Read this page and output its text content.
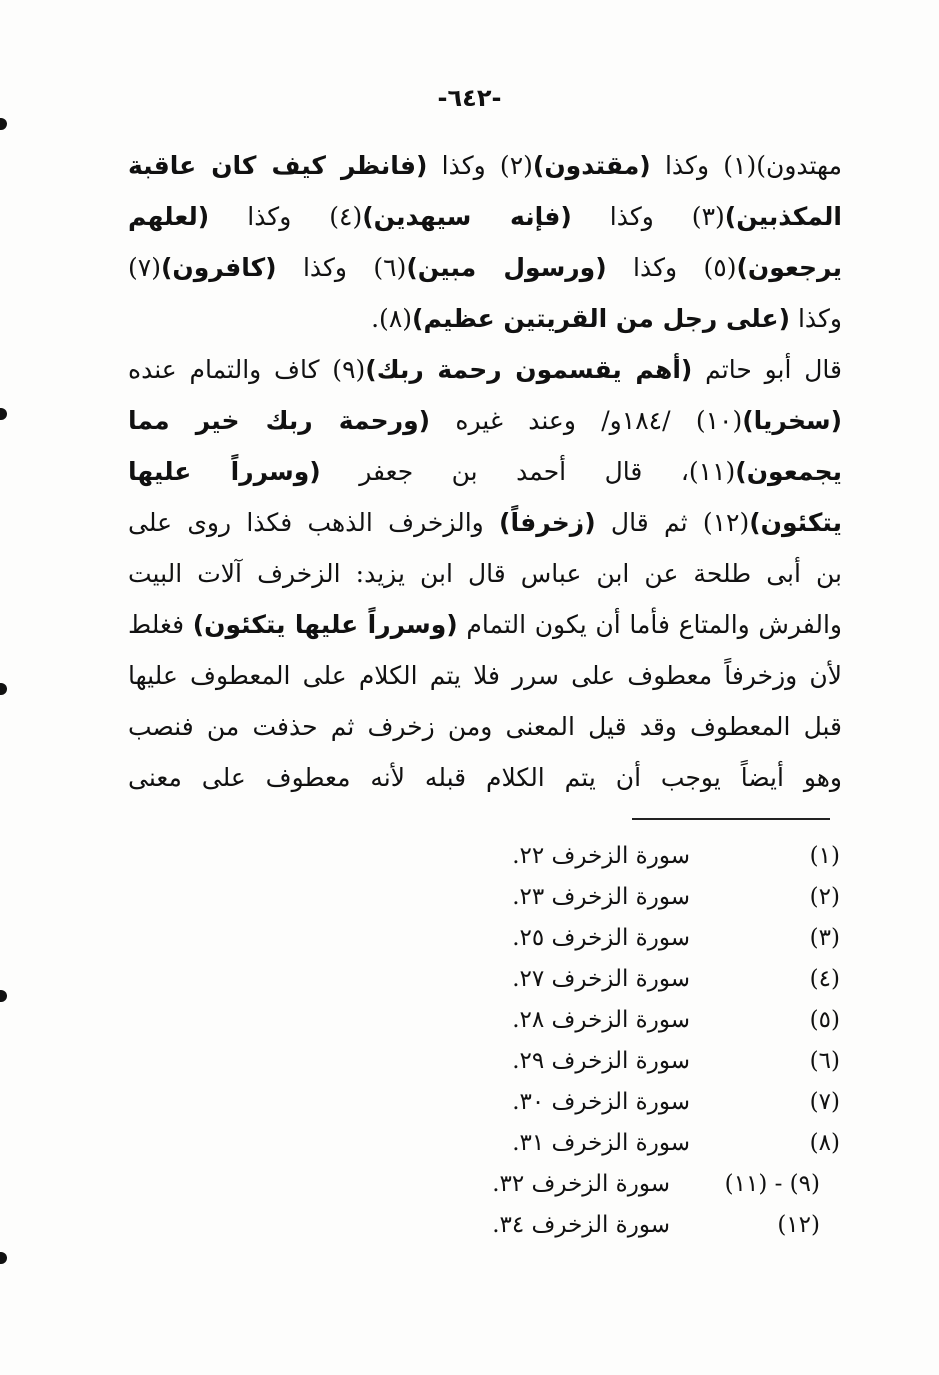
-٦٤٢-
مهتدون)(١) وكذا (مقتدون)(٢) وكذا (فانظر كيف كان عاقبة
المكذبين)(٣) وكذا (فإنه سيهدين)(٤) وكذا (لعلهم
يرجعون)(٥) وكذا (ورسول مبين)(٦) وكذا (كافرون)(٧)
وكذا (على رجل من القريتين عظيم)(٨).
قال أبو حاتم (أهم يقسمون رحمة ربك)(٩) كاف والتمام عنده
(سخريا)(١٠) /١٨٤و/ وعند غيره (ورحمة ربك خير مما
يجمعون)(١١)، قال أحمد بن جعفر (وسرراً عليها
يتكئون)(١٢) ثم قال (زخرفاً) والزخرف الذهب فكذا روى على
بن أبى طلحة عن ابن عباس قال ابن يزيد: الزخرف آلات البيت
والفرش والمتاع فأما أن يكون التمام (وسرراً عليها يتكئون) فغلط
لأن وزخرفاً معطوف على سرر فلا يتم الكلام على المعطوف عليها
قبل المعطوف وقد قيل المعنى ومن زخرف ثم حذفت من فنصب
وهو أيضاً يوجب أن يتم الكلام قبله لأنه معطوف على معنى
(١)
سورة الزخرف ٢٢.
(٢)
سورة الزخرف ٢٣.
(٣)
سورة الزخرف ٢٥.
(٤)
سورة الزخرف ٢٧.
(٥)
سورة الزخرف ٢٨.
(٦)
سورة الزخرف ٢٩.
(٧)
سورة الزخرف ٣٠.
(٨)
سورة الزخرف ٣١.
(٩) - (١١)
سورة الزخرف ٣٢.
(١٢)
سورة الزخرف ٣٤.
